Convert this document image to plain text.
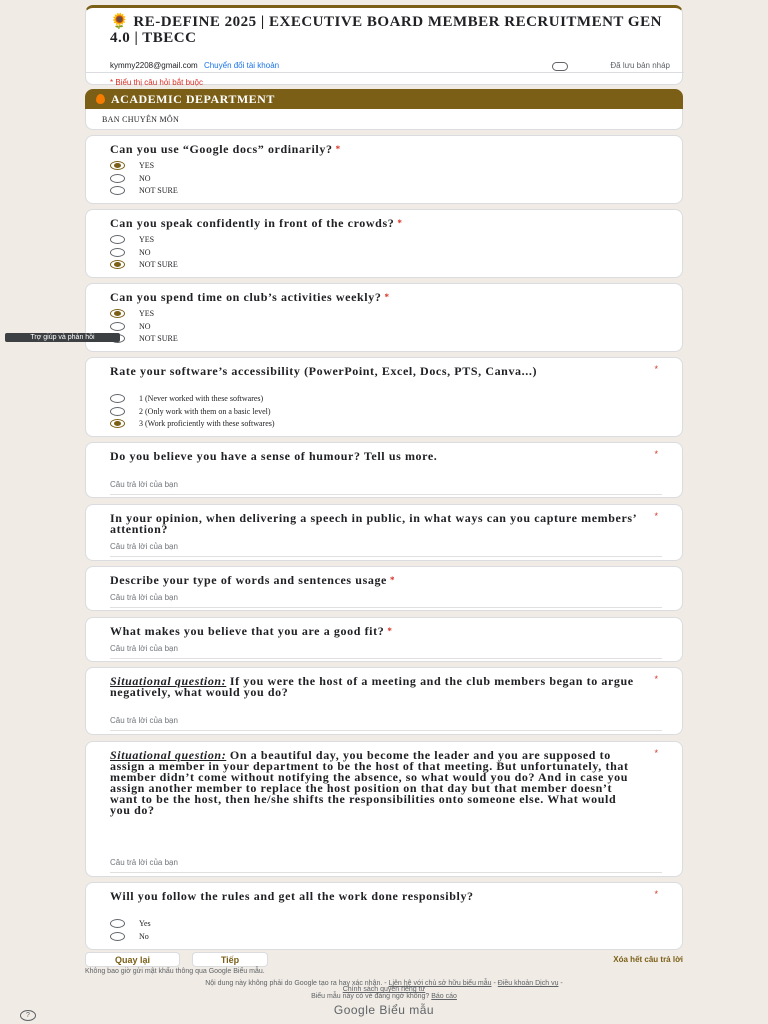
🌻 RE-DEFINE 2025 | EXECUTIVE BOARD MEMBER RECRUITMENT GEN 4.0 | TBECC
kymmy2208@gmail.com Chuyển đổi tài khoản	Đã lưu bản nháp
* Biểu thị câu hỏi bắt buộc
ACADEMIC DEPARTMENT
BAN CHUYÊN MÔN
Can you use “Google docs” ordinarily? *
YES
NO
NOT SURE
Can you speak confidently in front of the crowds? *
YES
NO
NOT SURE
Can you spend time on club’s activities weekly? *
YES
NO
NOT SURE
Rate your software’s accessibility (PowerPoint, Excel, Docs, PTS, Canva...)	*
1 (Never worked with these softwares)
2 (Only work with them on a basic level)
3 (Work proficiently with these softwares)
Do you believe you have a sense of humour? Tell us more.	*
Câu trả lời của bạn
In your opinion, when delivering a speech in public, in what ways can you capture members’ attention?
*
Câu trả lời của bạn
Describe your type of words and sentences usage *
Câu trả lời của bạn
What makes you believe that you are a good fit? *
Câu trả lời của bạn
Situational question: If you were the host of a meeting and the club members began to argue negatively, what would you do?
*
Câu trả lời của bạn
Situational question: On a beautiful day, you become the leader and you are supposed to assign a member in your department to be the host of that meeting. But unfortunately, that member didn’t come without notifying the absence, so what would you do? And in case you assign another member to replace the host position on that day but that member doesn’t want to be the host, then he/she shifts the responsibilities onto someone else. What would you do?
*
Câu trả lời của bạn
Will you follow the rules and get all the work done responsibly?	*
Yes
No
Quay lại	Tiếp	Xóa hết câu trả lời
Trợ giúp và phản hồi
Không bao giờ gửi mật khẩu thông qua Google Biểu mẫu.
Nội dung này không phải do Google tạo ra hay xác nhận. - Liên hệ với chủ sở hữu biểu mẫu - Điều khoản Dịch vụ -
Chính sách quyền riêng tư
Biểu mẫu này có vẻ đáng ngờ không? Báo cáo
Google Biểu mẫu
?
